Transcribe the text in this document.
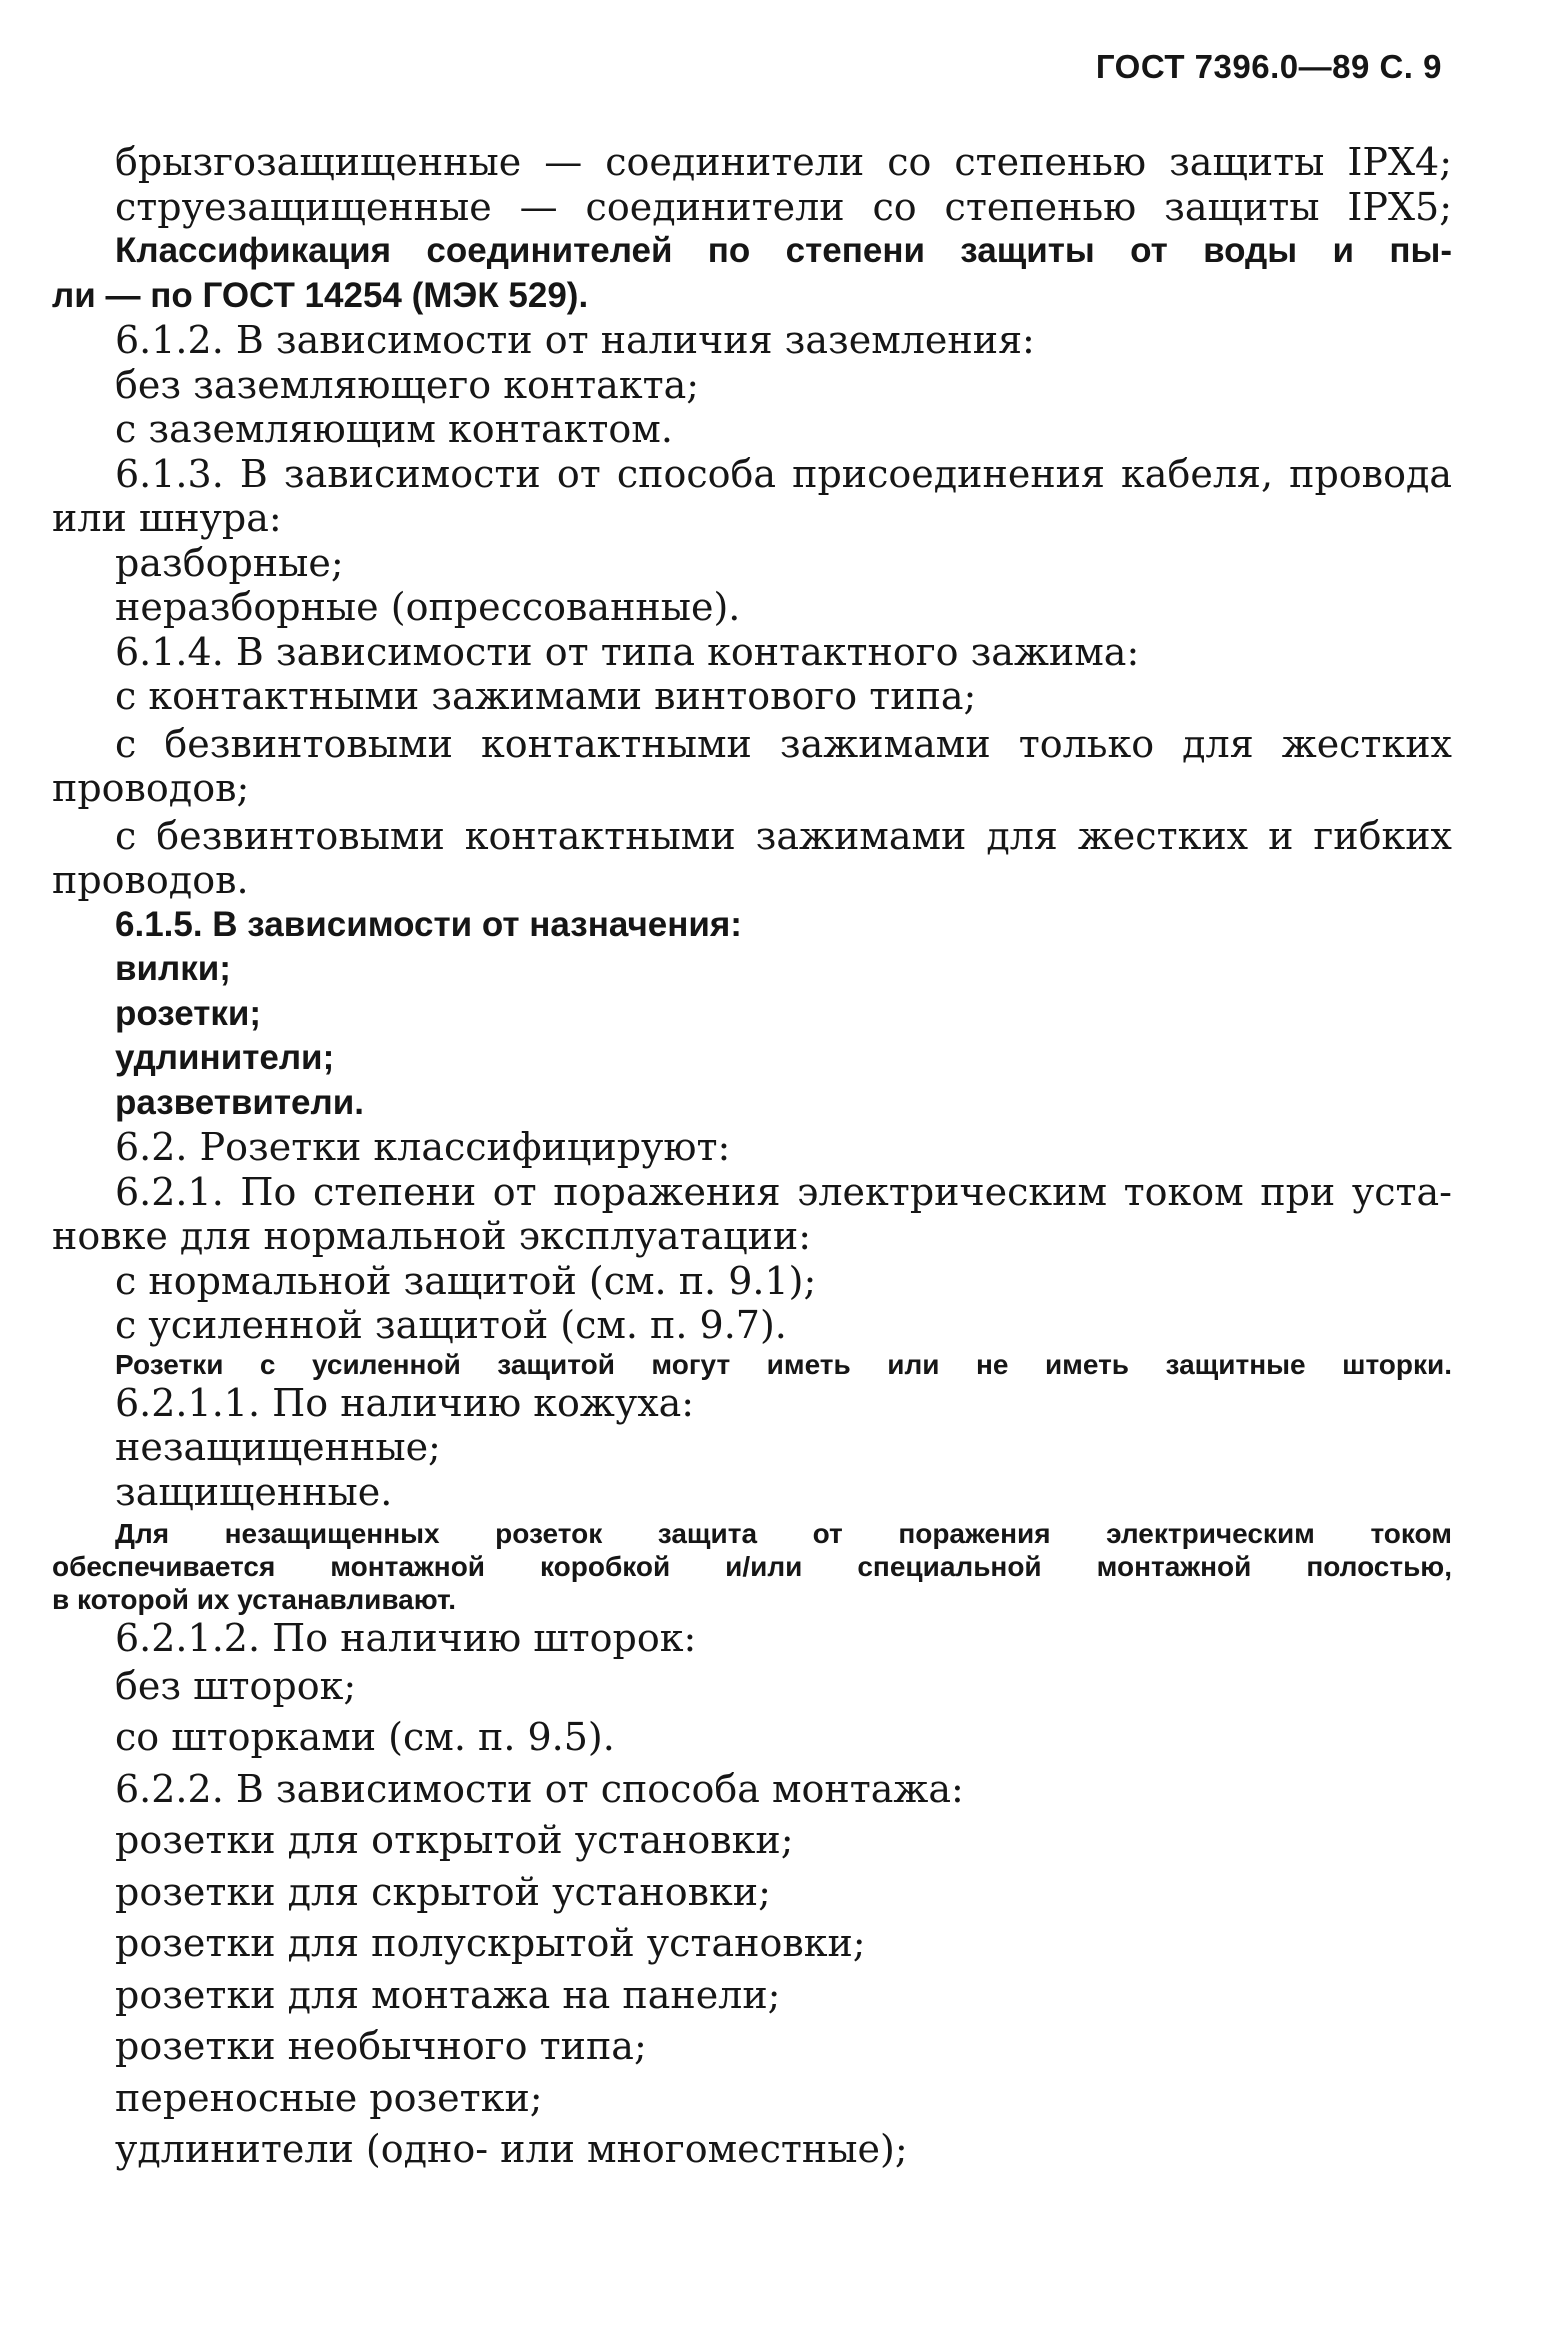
ГОСТ 7396.0—89 С. 9
брызгозащищенные — соединители со степенью защиты IPX4;
струезащищенные — соединители со степенью защиты IPX5;
Классификация соединителей по степени защиты от воды и пы-
ли — по ГОСТ 14254 (МЭК 529).
6.1.2. В зависимости от наличия заземления:
без заземляющего контакта;
с заземляющим контактом.
6.1.3. В зависимости от способа присоединения кабеля, провода
или шнура:
разборные;
неразборные (опрессованные).
6.1.4. В зависимости от типа контактного зажима:
с контактными зажимами винтового типа;
с безвинтовыми контактными зажимами только для жестких
проводов;
с безвинтовыми контактными зажимами для жестких и гибких
проводов.
6.1.5. В зависимости от назначения:
вилки;
розетки;
удлинители;
разветвители.
6.2. Розетки классифицируют:
6.2.1. По степени от поражения электрическим током при уста-
новке для нормальной эксплуатации:
с нормальной защитой (см. п. 9.1);
с усиленной защитой (см. п. 9.7).
Розетки с усиленной защитой могут иметь или не иметь защитные шторки.
6.2.1.1. По наличию кожуха:
незащищенные;
защищенные.
Для незащищенных розеток защита от поражения электрическим током
обеспечивается монтажной коробкой и/или специальной монтажной полостью,
в которой их устанавливают.
6.2.1.2. По наличию шторок:
без шторок;
со шторками (см. п. 9.5).
6.2.2. В зависимости от способа монтажа:
розетки для открытой установки;
розетки для скрытой установки;
розетки для полускрытой установки;
розетки для монтажа на панели;
розетки необычного типа;
переносные розетки;
удлинители (одно- или многоместные);
